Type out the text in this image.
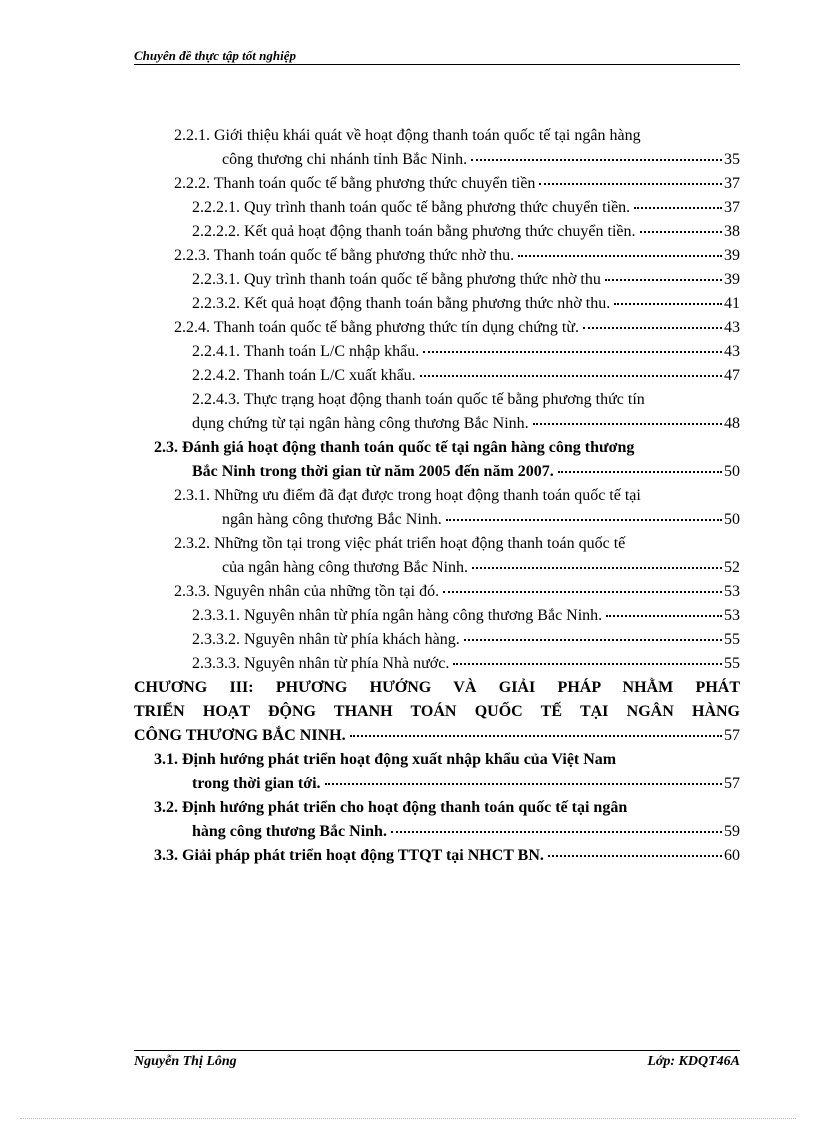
Chuyên đề thực tập tốt nghiệp
2.2.1. Giới thiệu khái quát về hoạt động thanh toán quốc tế tại ngân hàng
công thương chi nhánh tỉnh Bắc Ninh.	35
2.2.2. Thanh toán quốc tế bằng phương thức chuyển tiền	37
2.2.2.1. Quy trình thanh toán quốc tế bằng phương thức chuyển tiền.	37
2.2.2.2. Kết quả hoạt động thanh toán bằng phương thức chuyển tiền.	38
2.2.3. Thanh toán quốc tế bằng phương thức nhờ thu.	39
2.2.3.1. Quy trình thanh toán quốc tế bằng phương thức nhờ thu	39
2.2.3.2. Kết quả hoạt động thanh toán bằng phương thức nhờ thu.	41
2.2.4. Thanh toán quốc tế bằng phương thức tín dụng chứng từ.	43
2.2.4.1. Thanh toán L/C nhập khẩu.	43
2.2.4.2. Thanh toán L/C xuất khẩu.	47
2.2.4.3. Thực trạng hoạt động thanh toán quốc tế bằng phương thức tín
dụng chứng từ tại ngân hàng công thương Bắc Ninh.	48
2.3. Đánh giá hoạt động thanh toán quốc tế tại ngân hàng công thương
Bắc Ninh trong thời gian từ năm 2005 đến năm 2007.	50
2.3.1. Những ưu điểm đã đạt được trong hoạt động thanh toán quốc tế tại
ngân hàng công thương Bắc Ninh.	50
2.3.2. Những tồn tại trong việc phát triển hoạt động thanh toán quốc tế
của ngân hàng công thương Bắc Ninh.	52
2.3.3. Nguyên nhân của những tồn tại đó.	53
2.3.3.1. Nguyên nhân từ phía ngân hàng công thương Bắc Ninh.	53
2.3.3.2. Nguyên nhân từ phía khách hàng.	55
2.3.3.3. Nguyên nhân từ phía Nhà nước.	55
CHƯƠNG III: PHƯƠNG HƯỚNG VÀ GIẢI PHÁP NHẰM PHÁT
TRIỂN HOẠT ĐỘNG THANH TOÁN QUỐC TẾ TẠI NGÂN HÀNG
CÔNG THƯƠNG BẮC NINH.	57
3.1. Định hướng phát triển hoạt động xuất nhập khẩu của Việt Nam
trong thời gian tới.	57
3.2. Định hướng phát triển cho hoạt động thanh toán quốc tế tại ngân
hàng công thương Bắc Ninh.	59
3.3. Giải pháp phát triển hoạt động TTQT tại NHCT BN.	60
Nguyễn Thị Lông	Lớp: KDQT46A
